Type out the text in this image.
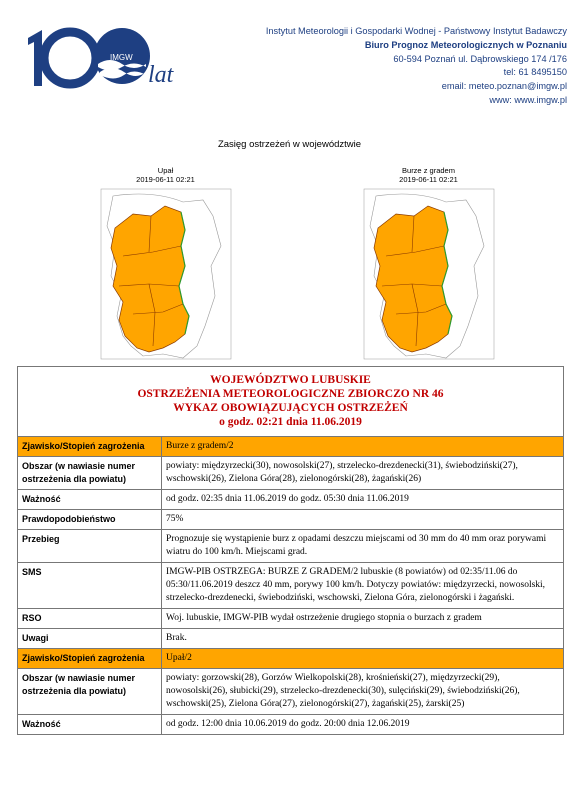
IMGW
lat
Instytut Meteorologii i Gospodarki Wodnej - Państwowy Instytut Badawczy
Biuro Prognoz Meteorologicznych w Poznaniu
60-594 Poznań ul. Dąbrowskiego 174 /176
tel: 61 8495150
email: meteo.poznan@imgw.pl
www: www.imgw.pl
Zasięg ostrzeżeń w województwie
Upał
2019-06-11 02:21
Burze z gradem
2019-06-11 02:21
WOJEWÓDZTWO LUBUSKIE
OSTRZEŻENIA METEOROLOGICZNE ZBIORCZO NR 46
WYKAZ OBOWIĄZUJĄCYCH OSTRZEŻEŃ
o godz. 02:21 dnia 11.06.2019	

Zjawisko/Stopień zagrożenia	Burze z gradem/2
Obszar (w nawiasie numer ostrzeżenia dla powiatu)	powiaty: międzyrzecki(30), nowosolski(27), strzelecko-drezdenecki(31), świebodziński(27), wschowski(26), Zielona Góra(28), zielonogórski(28), żagański(26)
Ważność	od godz. 02:35 dnia 11.06.2019 do godz. 05:30 dnia 11.06.2019
Prawdopodobieństwo	75%
Przebieg	Prognozuje się wystąpienie burz z opadami deszczu miejscami od 30 mm do 40 mm oraz porywami wiatru do 100 km/h. Miejscami grad.
SMS	IMGW-PIB OSTRZEGA: BURZE Z GRADEM/2 lubuskie (8 powiatów) od 02:35/11.06 do 05:30/11.06.2019 deszcz 40 mm, porywy 100 km/h. Dotyczy powiatów: międzyrzecki, nowosolski, strzelecko-drezdenecki, świebodziński, wschowski, Zielona Góra, zielonogórski i żagański.
RSO	Woj. lubuskie, IMGW-PIB wydał ostrzeżenie drugiego stopnia o burzach z gradem
Uwagi	Brak.
Zjawisko/Stopień zagrożenia	Upał/2
Obszar (w nawiasie numer ostrzeżenia dla powiatu)	powiaty: gorzowski(28), Gorzów Wielkopolski(28), krośnieński(27), międzyrzecki(29), nowosolski(26), słubicki(29), strzelecko-drezdenecki(30), sulęciński(29), świebodziński(26), wschowski(25), Zielona Góra(27), zielonogórski(27), żagański(25), żarski(25)
Ważność	od godz. 12:00 dnia 10.06.2019 do godz. 20:00 dnia 12.06.2019
